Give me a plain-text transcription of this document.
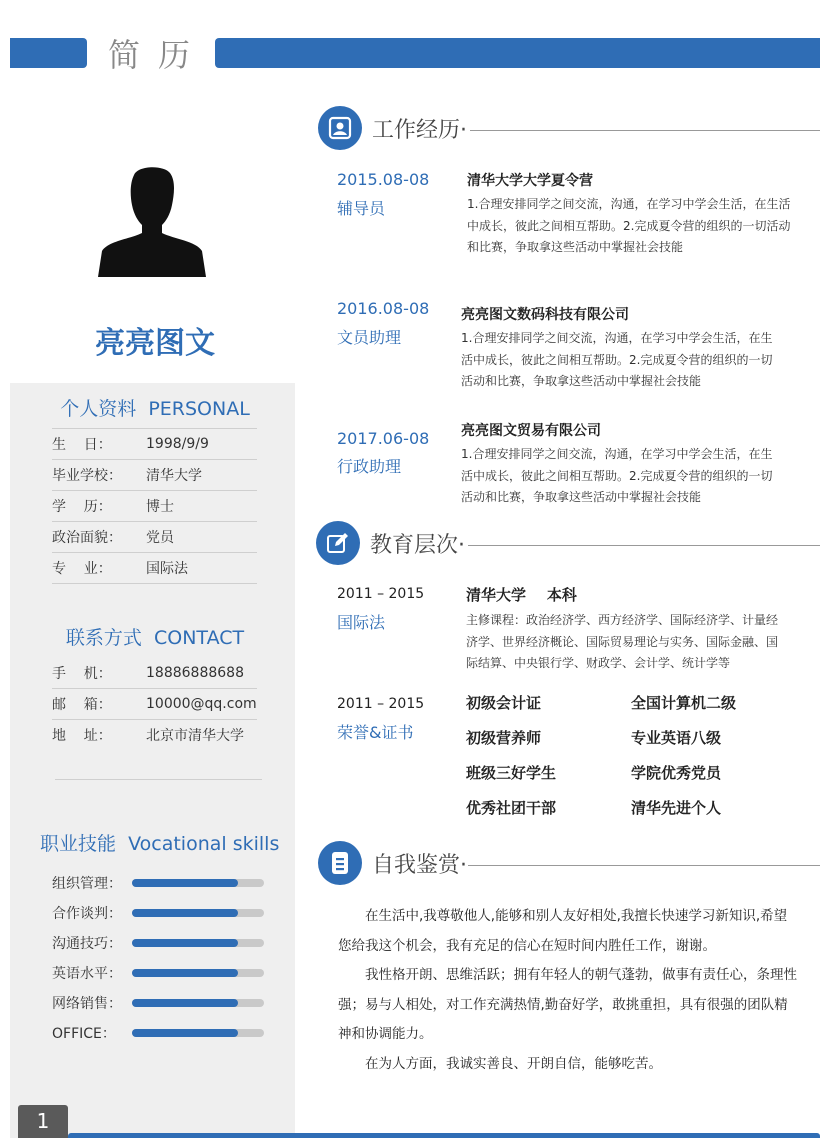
简历
亮亮图文
个人资料 PERSONAL
生    日：	1998/9/9
毕业学校：	清华大学
学    历：	博士
政治面貌：	党员
专    业：	国际法
联系方式 CONTACT
手    机：	18886888688
邮    箱：	10000@qq.com
地    址：	北京市清华大学
职业技能 Vocational skills
组织管理：
合作谈判：
沟通技巧：
英语水平：
网络销售：
OFFICE：
1
工作经历·
2015.08-08
辅导员
清华大学大学夏令营
1.合理安排同学之间交流，沟通，在学习中学会生活，在生活
中成长，彼此之间相互帮助。2.完成夏令营的组织的一切活动
和比赛，争取拿这些活动中掌握社会技能
2016.08-08
文员助理
亮亮图文数码科技有限公司
1.合理安排同学之间交流，沟通，在学习中学会生活，在生
活中成长，彼此之间相互帮助。2.完成夏令营的组织的一切
活动和比赛，争取拿这些活动中掌握社会技能
2017.06-08
行政助理
亮亮图文贸易有限公司
1.合理安排同学之间交流，沟通，在学习中学会生活，在生
活中成长，彼此之间相互帮助。2.完成夏令营的组织的一切
活动和比赛，争取拿这些活动中掌握社会技能
教育层次·
2011 – 2015
国际法
清华大学    本科
主修课程：政治经济学、西方经济学、国际经济学、计量经
济学、世界经济概论、国际贸易理论与实务、国际金融、国
际结算、中央银行学、财政学、会计学、统计学等
2011 – 2015
荣誉&证书
初级会计证	全国计算机二级
初级营养师	专业英语八级
班级三好学生	学院优秀党员
优秀社团干部	清华先进个人
自我鉴赏·

在生活中,我尊敬他人,能够和别人友好相处,我擅长快速学习新知识,希望您给我这个机会，我有充足的信心在短时间内胜任工作，谢谢。

我性格开朗、思维活跃；拥有年轻人的朝气蓬勃，做事有责任心，条理性强；易与人相处，对工作充满热情,勤奋好学，敢挑重担，具有很强的团队精神和协调能力。

在为人方面，我诚实善良、开朗自信，能够吃苦。
